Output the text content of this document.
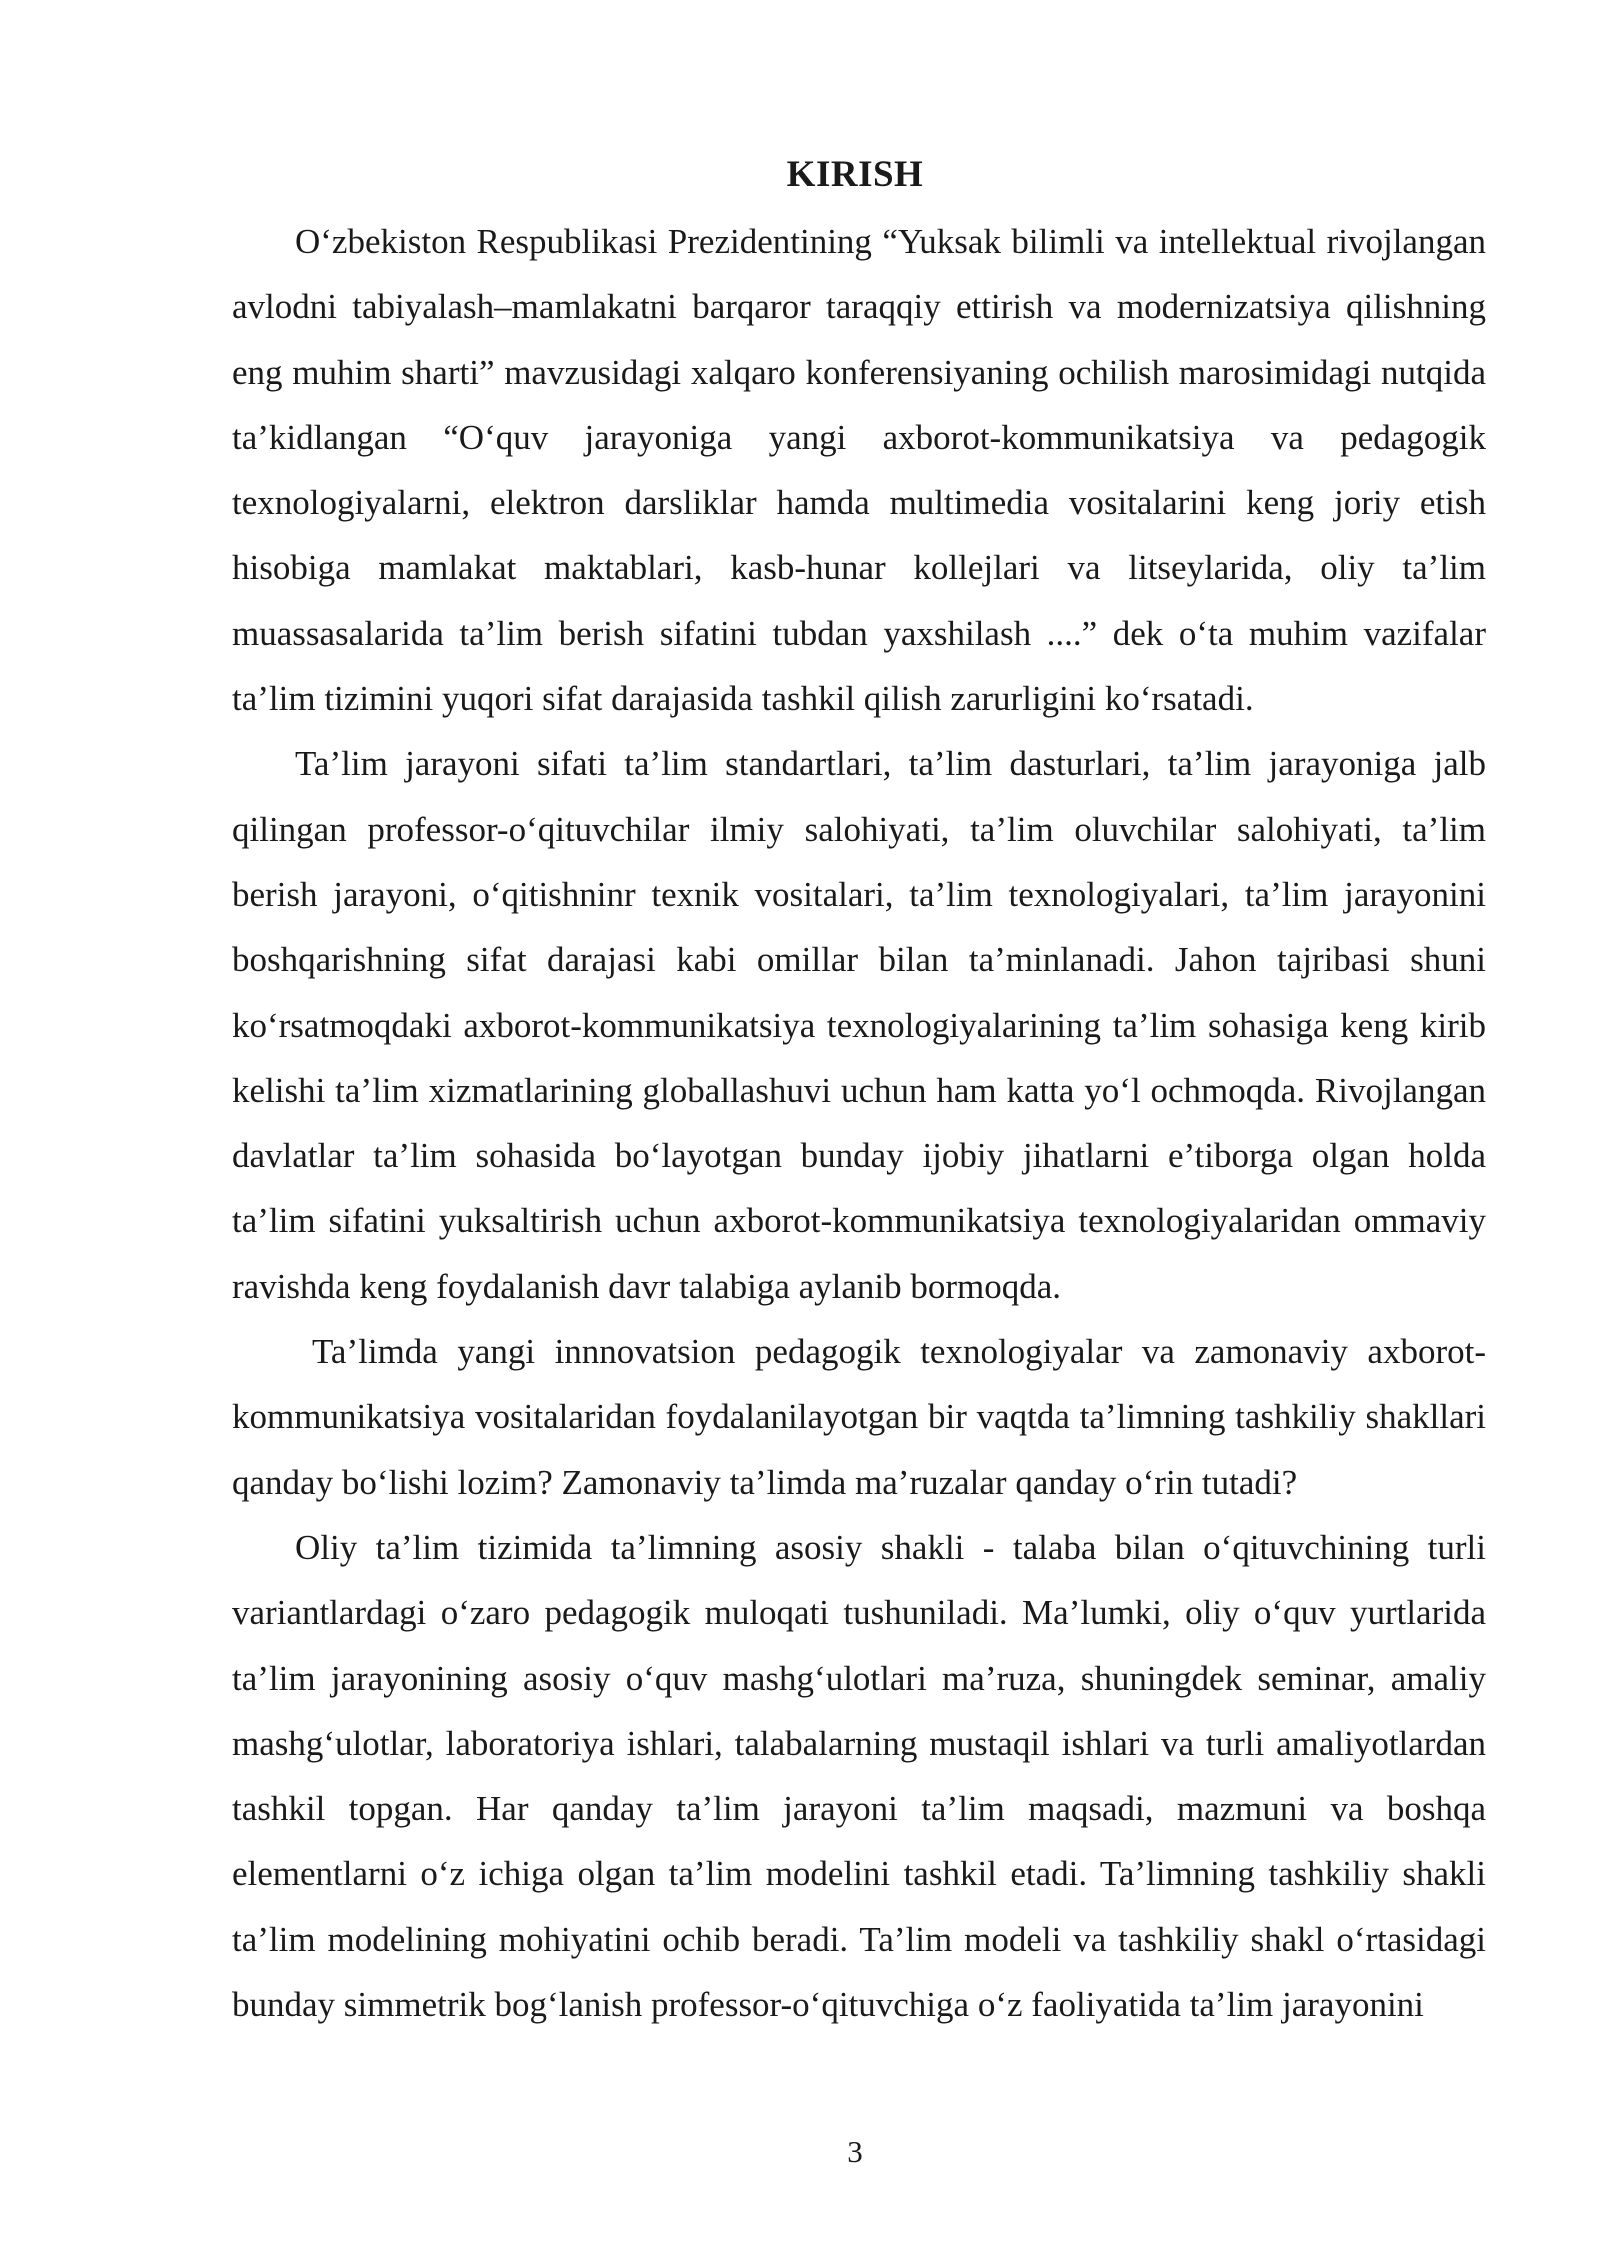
KIRISH

O‘zbekiston Respublikasi Prezidentining “Yuksak bilimli va intellektual rivojlangan avlodni tabiyalash–mamlakatni barqaror taraqqiy ettirish va modernizatsiya qilishning eng muhim sharti” mavzusidagi xalqaro konferensiyaning ochilish marosimidagi nutqida ta’kidlangan “O‘quv jarayoniga yangi axborot-kommunikatsiya va pedagogik texnologiyalarni, elektron darsliklar hamda multimedia vositalarini keng joriy etish hisobiga mamlakat maktablari, kasb-hunar kollejlari va litseylarida, oliy ta’lim muassasalarida ta’lim berish sifatini tubdan yaxshilash ....” dek o‘ta muhim vazifalar ta’lim tizimini yuqori sifat darajasida tashkil qilish zarurligini ko‘rsatadi.

Ta’lim jarayoni sifati ta’lim standartlari, ta’lim dasturlari, ta’lim jarayoniga jalb qilingan professor-o‘qituvchilar ilmiy salohiyati, ta’lim oluvchilar salohiyati, ta’lim berish jarayoni, o‘qitishninr texnik vositalari, ta’lim texnologiyalari, ta’lim jarayonini boshqarishning sifat darajasi kabi omillar bilan ta’minlanadi. Jahon tajribasi shuni ko‘rsatmoqdaki axborot-kommunikatsiya texnologiyalarining ta’lim sohasiga keng kirib kelishi ta’lim xizmatlarining globallashuvi uchun ham katta yo‘l ochmoqda. Rivojlangan davlatlar ta’lim sohasida bo‘layotgan bunday ijobiy jihatlarni e’tiborga olgan holda ta’lim sifatini yuksaltirish uchun axborot-kommunikatsiya texnologiyalaridan ommaviy ravishda keng foydalanish davr talabiga aylanib bormoqda.

Ta’limda yangi innnovatsion pedagogik texnologiyalar va zamonaviy axborot-kommunikatsiya vositalaridan foydalanilayotgan bir vaqtda ta’limning tashkiliy shakllari qanday bo‘lishi lozim? Zamonaviy ta’limda ma’ruzalar qanday o‘rin tutadi?

Oliy ta’lim tizimida ta’limning asosiy shakli - talaba bilan o‘qituvchining turli variantlardagi o‘zaro pedagogik muloqati tushuniladi. Ma’lumki, oliy o‘quv yurtlarida ta’lim jarayonining asosiy o‘quv mashg‘ulotlari ma’ruza, shuningdek seminar, amaliy mashg‘ulotlar, laboratoriya ishlari, talabalarning mustaqil ishlari va turli amaliyotlardan tashkil topgan. Har qanday ta’lim jarayoni ta’lim maqsadi, mazmuni va boshqa elementlarni o‘z ichiga olgan ta’lim modelini tashkil etadi. Ta’limning tashkiliy shakli ta’lim modelining mohiyatini ochib beradi. Ta’lim modeli va tashkiliy shakl o‘rtasidagi bunday simmetrik bog‘lanish professor-o‘qituvchiga o‘z faoliyatida ta’lim jarayonini

3
